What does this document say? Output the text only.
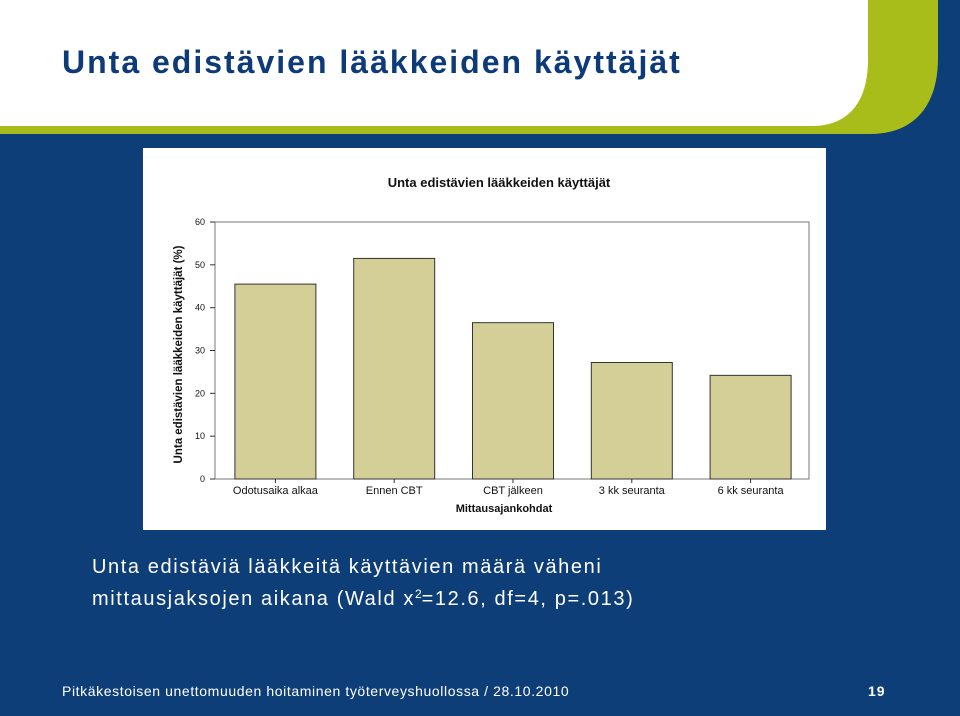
Unta edistävien lääkkeiden käyttäjät
Unta edistävien lääkkeiden käyttäjät
0
10
20
30
40
50
60
Odotusaika alkaa	Ennen CBT	CBT jälkeen	3 kk seuranta	6 kk seuranta
Mittausajankohdat
Unta edistävien lääkkeiden käyttäjät (%)
Unta edistäviä lääkkeitä käyttävien määrä väheni
mittausjaksojen aikana (Wald $x^2=12.6$, df=4, p=.013)
Pitkäkestoisen unettomuuden hoitaminen työterveyshuollossa / 28.10.2010	19
